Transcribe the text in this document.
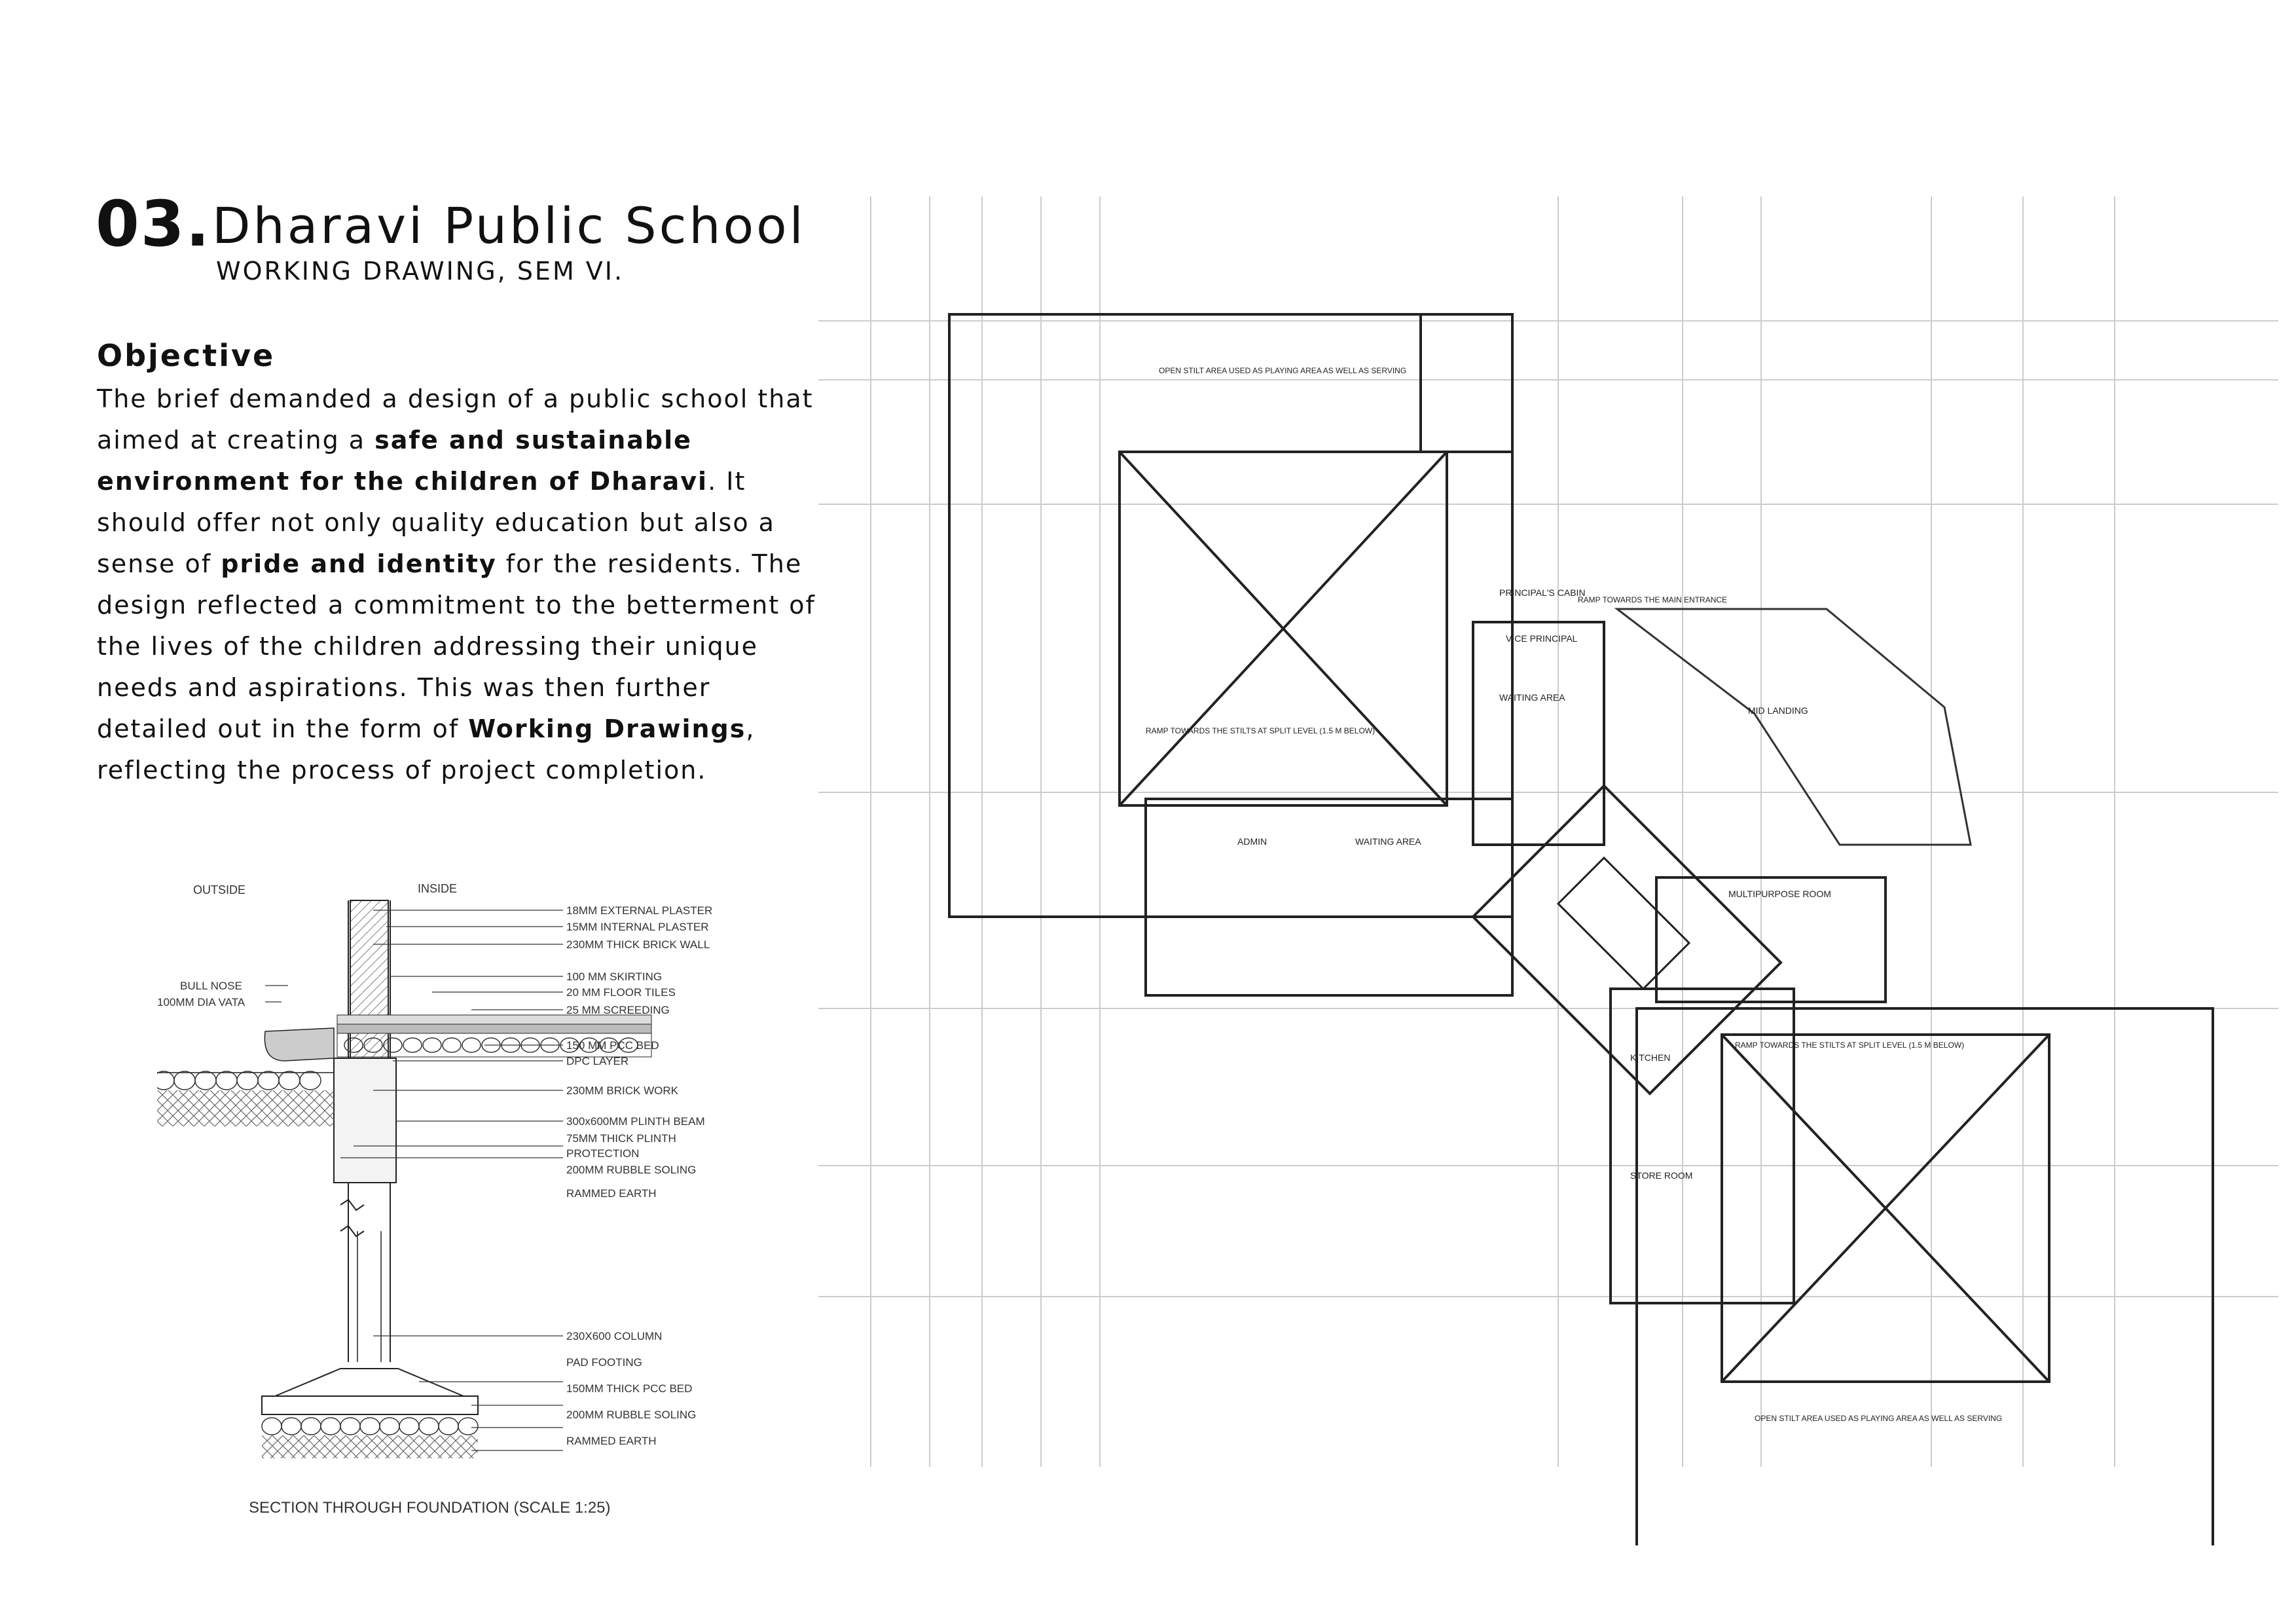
03. Dharavi Public School
WORKING DRAWING, SEM VI.
Objective
The brief demanded a design of a public school that aimed at creating a safe and sustainable environment for the children of Dharavi. It should offer not only quality education but also a sense of pride and identity for the residents. The design reflected a commitment to the betterment of the lives of the children addressing their unique needs and aspirations. This was then further detailed out in the form of Working Drawings, reflecting the process of project completion.
OUTSIDE	INSIDE
18MM EXTERNAL PLASTER
15MM INTERNAL PLASTER
230MM THICK BRICK WALL
100 MM SKIRTING
20 MM FLOOR TILES
25 MM SCREEDING
150 MM PCC BED
DPC LAYER
230MM BRICK WORK
300x600MM PLINTH BEAM
75MM THICK PLINTH
PROTECTION
200MM RUBBLE SOLING
RAMMED EARTH
230X600 COLUMN
PAD FOOTING
150MM THICK PCC BED
200MM RUBBLE SOLING
RAMMED EARTH
BULL NOSE
100MM DIA VATA
SECTION THROUGH FOUNDATION (SCALE 1:25)
PRINCIPAL'S CABIN
VICE PRINCIPAL
WAITING AREA
ADMIN	WAITING AREA
MULTIPURPOSE ROOM
KITCHEN
STORE ROOM
MID LANDING
OPEN STILT AREA USED AS PLAYING AREA AS WELL AS SERVING
RAMP TOWARDS THE MAIN ENTRANCE
RAMP TOWARDS THE STILTS AT SPLIT LEVEL (1.5 M BELOW)
RAMP TOWARDS THE STILTS AT SPLIT LEVEL (1.5 M BELOW)
OPEN STILT AREA USED AS PLAYING AREA AS WELL AS SERVING
